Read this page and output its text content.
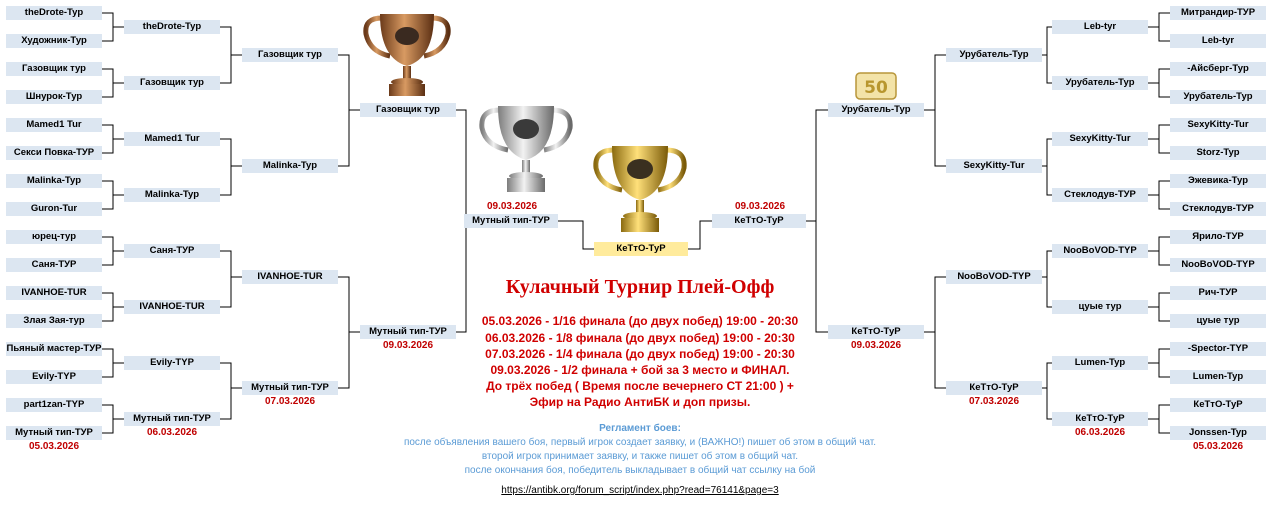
50
theDrote-Typ
Художник-Тур
Газовщик тур
Шнурок-Тур
Mamed1 Tur
Секси Повка-ТУР
Malinka-Typ
Guron-Tur
юрец-тур
Саня-ТУР
IVANHOE-TUR
Злая Зая-тур
Пьяный мастер-ТУР
Evily-TYP
part1zan-TYP
Мутный тип-ТУР
theDrote-Typ
Газовщик тур
Mamed1 Tur
Malinka-Typ
Саня-ТУР
IVANHOE-TUR
Evily-TYP
Мутный тип-ТУР
Газовщик тур
Malinka-Typ
IVANHOE-TUR
Мутный тип-ТУР
Газовщик тур
Мутный тип-ТУР
05.03.2026
06.03.2026
07.03.2026
09.03.2026
Митрандир-ТУР
Leb-tyr
-Айсберг-Тур
Урубатель-Тур
SexyKitty-Tur
Storz-Typ
Эжевика-Тур
Стеклодув-ТУР
Ярило-ТУР
NooBoVOD-TYP
Рич-ТУР
цуые тур
-Spector-TYP
Lumen-Typ
КеТтО-ТуР
Jonssen-Typ
Leb-tyr
Урубатель-Тур
SexyKitty-Tur
Стеклодув-ТУР
NooBoVOD-TYP
цуые тур
Lumen-Typ
КеТтО-ТуР
Урубатель-Тур
SexyKitty-Tur
NooBoVOD-TYP
КеТтО-ТуР
Урубатель-Тур
КеТтО-ТуР
05.03.2026
06.03.2026
07.03.2026
09.03.2026
Мутный тип-ТУР	КеТтО-ТуР
КеТтО-ТуР
09.03.2026	09.03.2026
Кулачный Турнир Плей-Офф
05.03.2026 - 1/16 финала (до двух побед) 19:00 - 20:30
06.03.2026 - 1/8 финала (до двух побед) 19:00 - 20:30
07.03.2026 - 1/4 финала (до двух побед) 19:00 - 20:30
09.03.2026 - 1/2 финала + бой за 3 место и ФИНАЛ.
До трёх побед ( Время после вечернего СТ 21:00 ) +
Эфир на Радио АнтиБК и доп призы.
Регламент боев:
после объявления вашего боя, первый игрок создает заявку, и (ВАЖНО!) пишет об этом в общий чат.
второй игрок принимает заявку, и также пишет об этом в общий чат.
после окончания боя, победитель выкладывает в общий чат ссылку на бой
https://antibk.org/forum_script/index.php?read=76141&page=3
